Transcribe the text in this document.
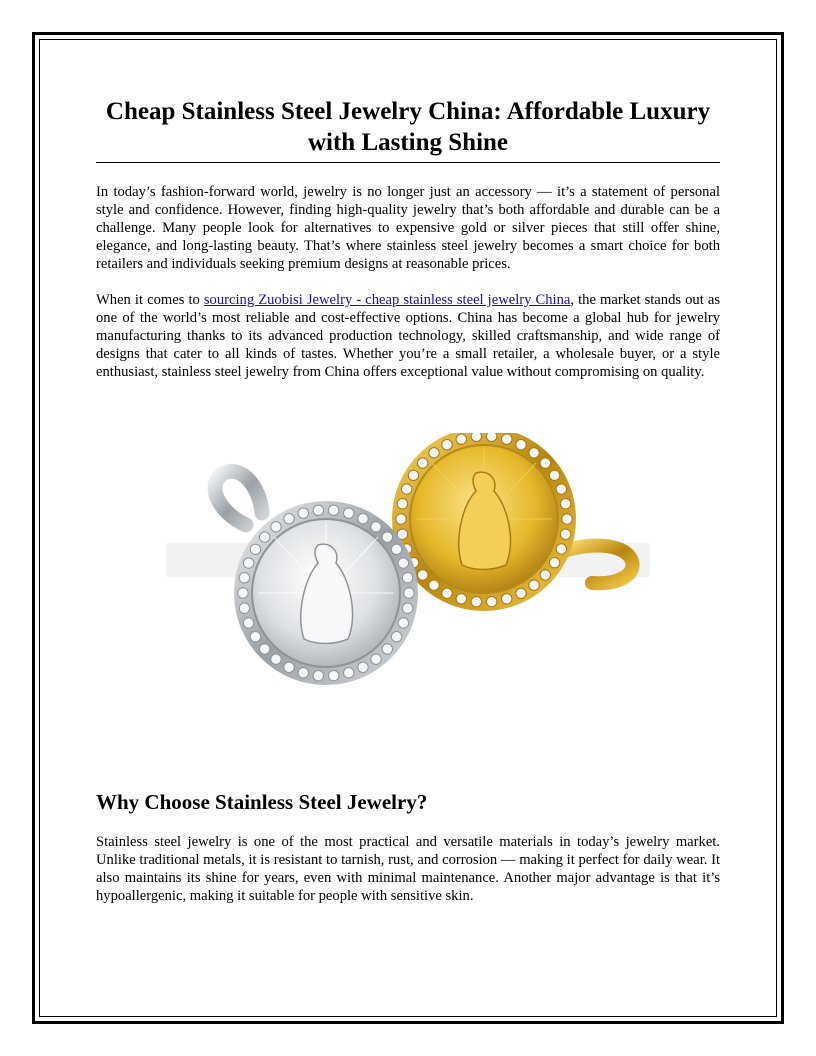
Cheap Stainless Steel Jewelry China: Affordable Luxury with Lasting Shine

In today’s fashion-forward world, jewelry is no longer just an accessory — it’s a statement of personal style and confidence. However, finding high-quality jewelry that’s both affordable and durable can be a challenge. Many people look for alternatives to expensive gold or silver pieces that still offer shine, elegance, and long-lasting beauty. That’s where stainless steel jewelry becomes a smart choice for both retailers and individuals seeking premium designs at reasonable prices.

When it comes to sourcing Zuobisi Jewelry - cheap stainless steel jewelry China, the market stands out as one of the world’s most reliable and cost-effective options. China has become a global hub for jewelry manufacturing thanks to its advanced production technology, skilled craftsmanship, and wide range of designs that cater to all kinds of tastes. Whether you’re a small retailer, a wholesale buyer, or a style enthusiast, stainless steel jewelry from China offers exceptional value without compromising on quality.

Why Choose Stainless Steel Jewelry?

Stainless steel jewelry is one of the most practical and versatile materials in today’s jewelry market. Unlike traditional metals, it is resistant to tarnish, rust, and corrosion — making it perfect for daily wear. It also maintains its shine for years, even with minimal maintenance. Another major advantage is that it’s hypoallergenic, making it suitable for people with sensitive skin.
